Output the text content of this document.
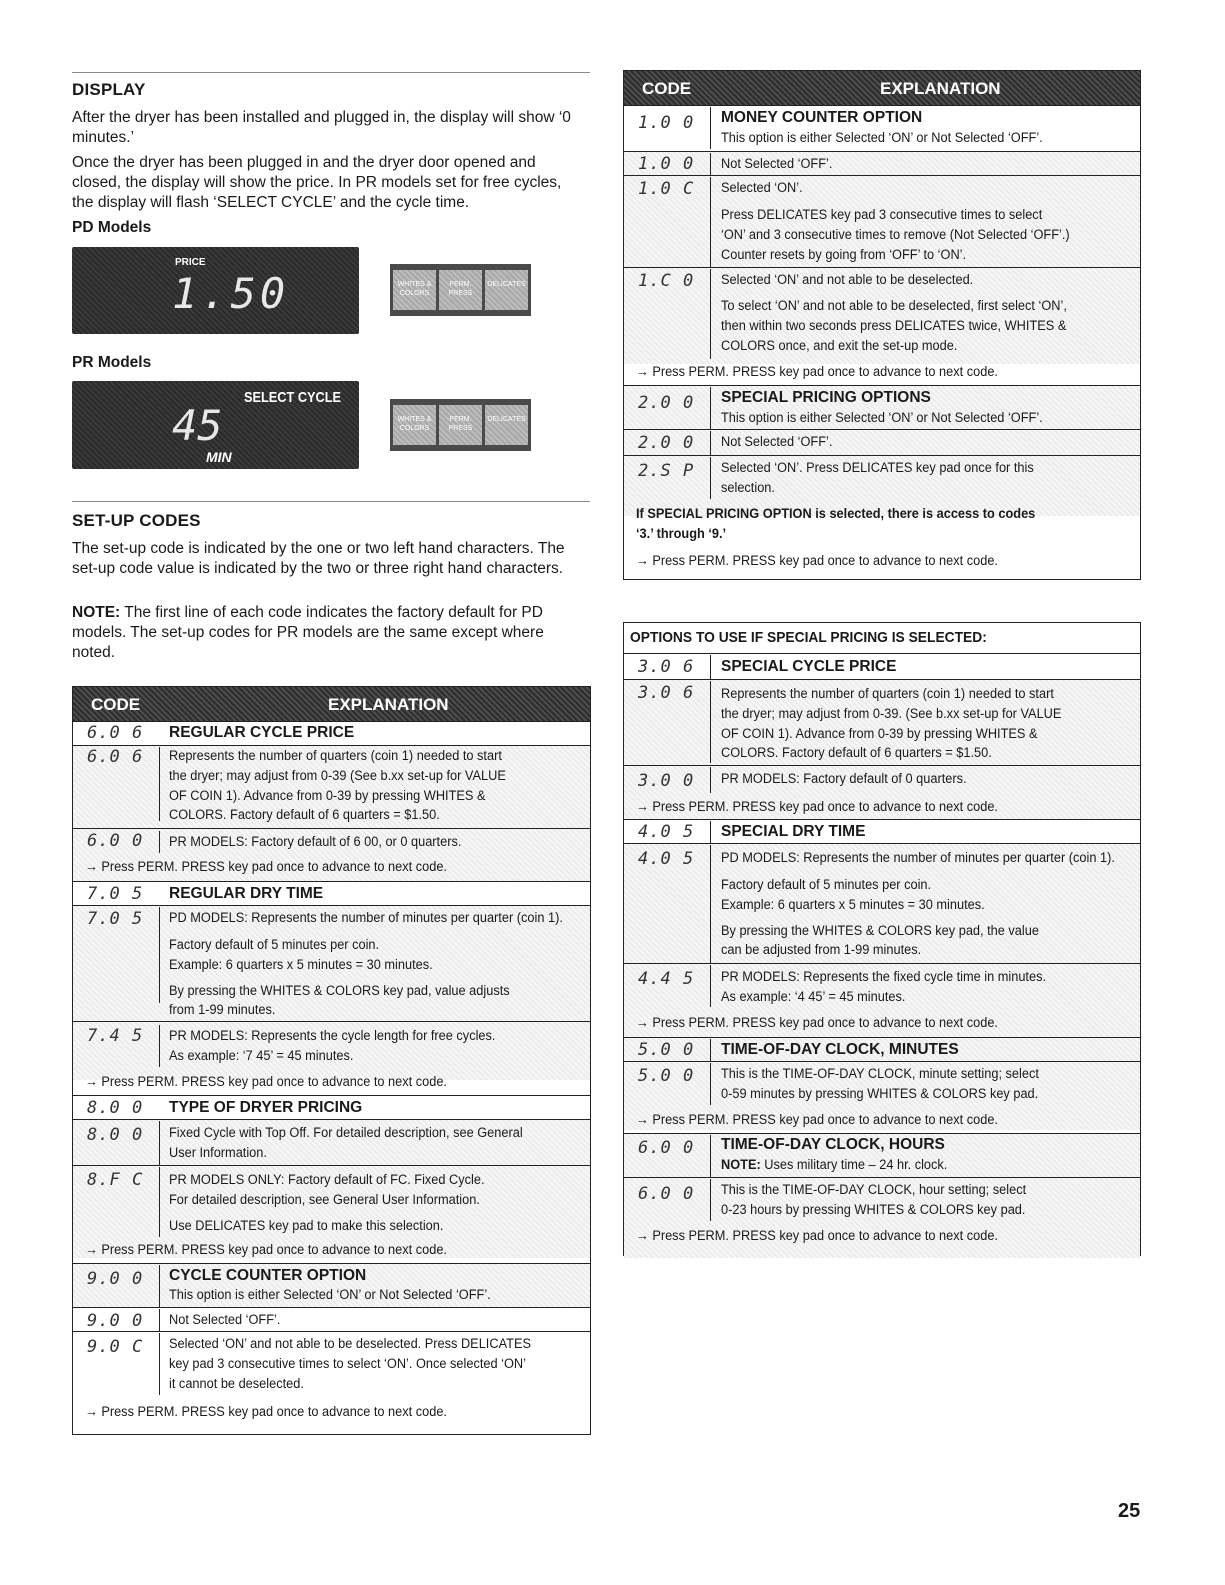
DISPLAY
After the dryer has been installed and plugged in, the display will show ‘0 minutes.’
Once the dryer has been plugged in and the dryer door opened and closed, the display will show the price. In PR models set for free cycles, the display will flash ‘SELECT CYCLE’ and the cycle time.
PD Models
PRICE
1.50	WHITES & COLORS
PERM. PRESS
DELICATES
PR Models
SELECT CYCLE
45
MIN
WHITES & COLORS
PERM. PRESS
DELICATES
SET-UP CODES
The set-up code is indicated by the one or two left hand characters. The set-up code value is indicated by the two or three right hand characters.
NOTE: The first line of each code indicates the factory default for PD models. The set-up codes for PR models are the same except where noted.
CODE	EXPLANATION
6.0 6 REGULAR CYCLE PRICE
6.0 6 Represents the number of quarters (coin 1) needed to start
the dryer; may adjust from 0-39 (See b.xx set-up for VALUE
OF COIN 1). Advance from 0-39 by pressing WHITES &
COLORS. Factory default of 6 quarters = $1.50.
6.0 0 PR MODELS: Factory default of 6 00, or 0 quarters.
→ Press PERM. PRESS key pad once to advance to next code.
7.0 5 REGULAR DRY TIME
7.0 5 PD MODELS: Represents the number of minutes per quarter (coin 1).
Factory default of 5 minutes per coin.
Example: 6 quarters x 5 minutes = 30 minutes.
By pressing the WHITES & COLORS key pad, value adjusts
from 1-99 minutes.
7.4 5 PR MODELS: Represents the cycle length for free cycles.
As example: ‘7 45’ = 45 minutes.
→ Press PERM. PRESS key pad once to advance to next code.
8.0 0 TYPE OF DRYER PRICING
8.0 0 Fixed Cycle with Top Off. For detailed description, see General
User Information.
8.F C PR MODELS ONLY: Factory default of FC. Fixed Cycle.
For detailed description, see General User Information.
Use DELICATES key pad to make this selection.
→ Press PERM. PRESS key pad once to advance to next code.
9.0 0 CYCLE COUNTER OPTION
This option is either Selected ‘ON’ or Not Selected ‘OFF’.
9.0 0 Not Selected ‘OFF’.
9.0 C Selected ‘ON’ and not able to be deselected. Press DELICATES
key pad 3 consecutive times to select ‘ON’. Once selected ‘ON’
it cannot be deselected.
→ Press PERM. PRESS key pad once to advance to next code.
CODE	EXPLANATION
1.0 0 MONEY COUNTER OPTION
This option is either Selected ‘ON’ or Not Selected ‘OFF’.
1.0 0 Not Selected ‘OFF’.
1.0 C Selected ‘ON’.
Press DELICATES key pad 3 consecutive times to select
‘ON’ and 3 consecutive times to remove (Not Selected ‘OFF’.)
Counter resets by going from ‘OFF’ to ‘ON’.
1.C 0 Selected ‘ON’ and not able to be deselected.
To select ‘ON’ and not able to be deselected, first select ‘ON’,
then within two seconds press DELICATES twice, WHITES &
COLORS once, and exit the set-up mode.
→ Press PERM. PRESS key pad once to advance to next code.
2.0 0 SPECIAL PRICING OPTIONS
This option is either Selected ‘ON’ or Not Selected ‘OFF’.
2.0 0 Not Selected ‘OFF’.
2.S P Selected ‘ON’. Press DELICATES key pad once for this
selection.
If SPECIAL PRICING OPTION is selected, there is access to codes
‘3.’ through ‘9.’
→ Press PERM. PRESS key pad once to advance to next code.
OPTIONS TO USE IF SPECIAL PRICING IS SELECTED:
3.0 6 SPECIAL CYCLE PRICE
3.0 6 Represents the number of quarters (coin 1) needed to start
the dryer; may adjust from 0-39. (See b.xx set-up for VALUE
OF COIN 1). Advance from 0-39 by pressing WHITES &
COLORS. Factory default of 6 quarters = $1.50.
3.0 0 PR MODELS: Factory default of 0 quarters.
→ Press PERM. PRESS key pad once to advance to next code.
4.0 5 SPECIAL DRY TIME
4.0 5 PD MODELS: Represents the number of minutes per quarter (coin 1).
Factory default of 5 minutes per coin.
Example: 6 quarters x 5 minutes = 30 minutes.
By pressing the WHITES & COLORS key pad, the value
can be adjusted from 1-99 minutes.
4.4 5 PR MODELS: Represents the fixed cycle time in minutes.
As example: ‘4 45’ = 45 minutes.
→ Press PERM. PRESS key pad once to advance to next code.
5.0 0 TIME-OF-DAY CLOCK, MINUTES
5.0 0 This is the TIME-OF-DAY CLOCK, minute setting; select
0-59 minutes by pressing WHITES & COLORS key pad.
→ Press PERM. PRESS key pad once to advance to next code.
6.0 0 TIME-OF-DAY CLOCK, HOURS
NOTE: Uses military time – 24 hr. clock.
6.0 0 This is the TIME-OF-DAY CLOCK, hour setting; select
0-23 hours by pressing WHITES & COLORS key pad.
→ Press PERM. PRESS key pad once to advance to next code.
25
